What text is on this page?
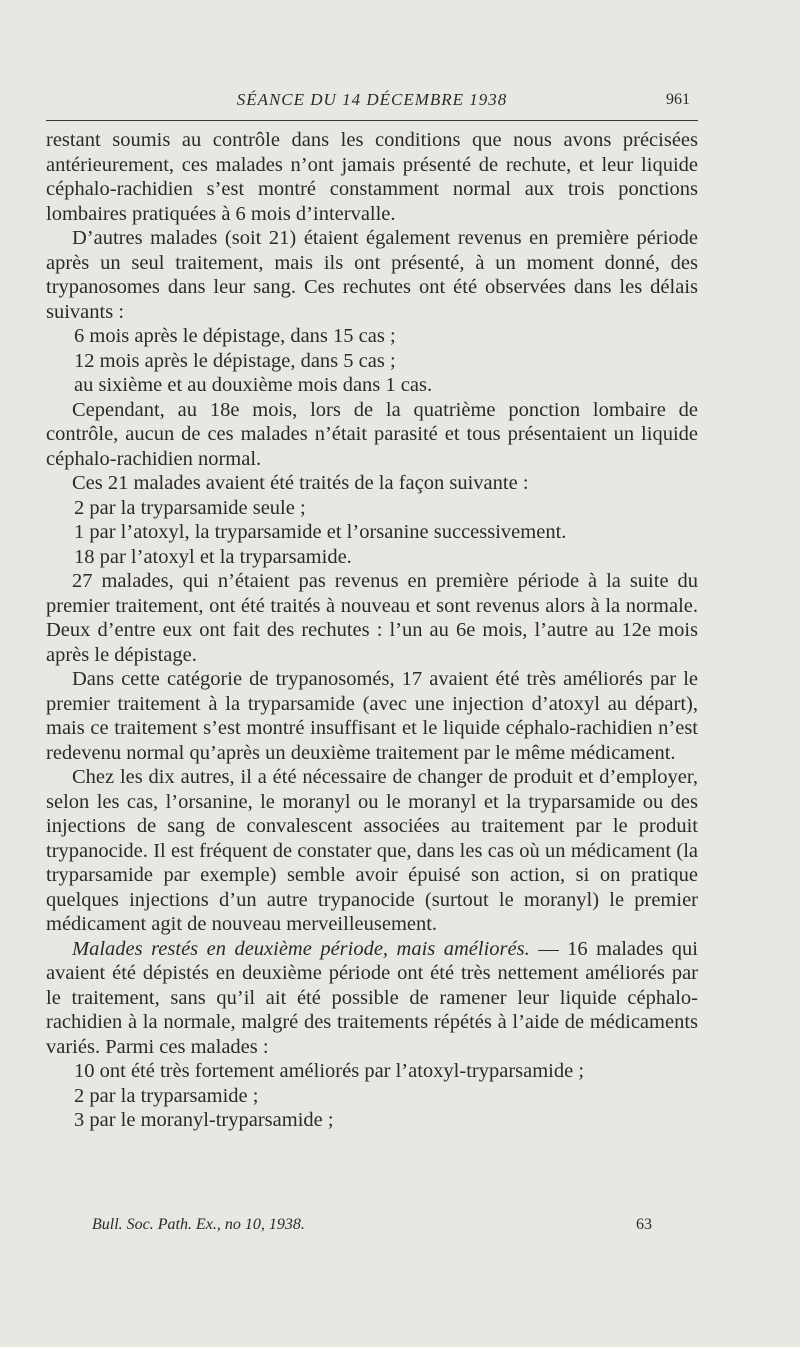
SÉANCE DU 14 DÉCEMBRE 1938	961

restant soumis au contrôle dans les conditions que nous avons précisées antérieurement, ces malades n’ont jamais présenté de rechute, et leur liquide céphalo-rachidien s’est montré constamment normal aux trois ponctions lombaires pratiquées à 6 mois d’intervalle.

D’autres malades (soit 21) étaient également revenus en première période après un seul traitement, mais ils ont présenté, à un moment donné, des trypanosomes dans leur sang. Ces rechutes ont été observées dans les délais suivants :

6 mois après le dépistage, dans 15 cas ;

12 mois après le dépistage, dans 5 cas ;

au sixième et au douxième mois dans 1 cas.

Cependant, au 18e mois, lors de la quatrième ponction lombaire de contrôle, aucun de ces malades n’était parasité et tous présentaient un liquide céphalo-rachidien normal.

Ces 21 malades avaient été traités de la façon suivante :

2 par la tryparsamide seule ;

1 par l’atoxyl, la tryparsamide et l’orsanine successivement.

18 par l’atoxyl et la tryparsamide.

27 malades, qui n’étaient pas revenus en première période à la suite du premier traitement, ont été traités à nouveau et sont revenus alors à la normale. Deux d’entre eux ont fait des rechutes : l’un au 6e mois, l’autre au 12e mois après le dépistage.

Dans cette catégorie de trypanosomés, 17 avaient été très améliorés par le premier traitement à la tryparsamide (avec une injection d’atoxyl au départ), mais ce traitement s’est montré insuffisant et le liquide céphalo-rachidien n’est redevenu normal qu’après un deuxième traitement par le même médicament.

Chez les dix autres, il a été nécessaire de changer de produit et d’employer, selon les cas, l’orsanine, le moranyl ou le moranyl et la tryparsamide ou des injections de sang de convalescent associées au traitement par le produit trypanocide. Il est fréquent de constater que, dans les cas où un médicament (la tryparsamide par exemple) semble avoir épuisé son action, si on pratique quelques injections d’un autre trypanocide (surtout le moranyl) le premier médicament agit de nouveau merveilleusement.

Malades restés en deuxième période, mais améliorés. — 16 malades qui avaient été dépistés en deuxième période ont été très nettement améliorés par le traitement, sans qu’il ait été possible de ramener leur liquide céphalo-rachidien à la normale, malgré des traitements répétés à l’aide de médicaments variés. Parmi ces malades :

10 ont été très fortement améliorés par l’atoxyl-tryparsamide ;

2 par la tryparsamide ;

3 par le moranyl-tryparsamide ;

Bull. Soc. Path. Ex., no 10, 1938.	63
